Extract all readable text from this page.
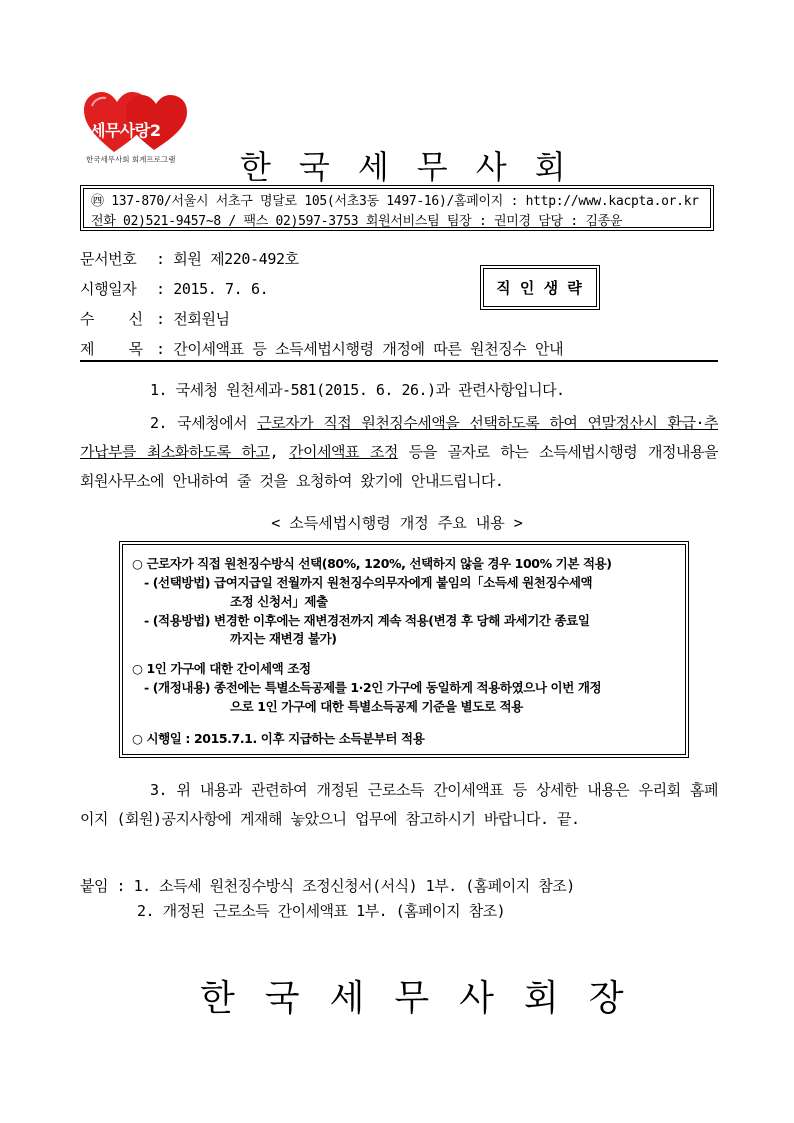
세무사랑2
한국세무사회 회계프로그램 한 국 세 무 사 회
㊃ 137-870/서울시 서초구 명달로 105(서초3동 1497-16)/홈페이지 : http://www.kacpta.or.kr
전화 02)521-9457~8 / 팩스 02)597-3753 회원서비스팀 팀장 : 권미경 담당 : 김종윤
문서번호 : 회원 제220-492호
시행일자 : 2015. 7. 6.
수    신 : 전회원님
제    목 : 간이세액표 등 소득세법시행령 개정에 따른 원천징수 안내
직 인 생 략
1. 국세청 원천세과-581(2015. 6. 26.)과 관련사항입니다.
2. 국세청에서 근로자가 직접 원천징수세액을 선택하도록 하여 연말정산시 환급·추가납부를 최소화하도록 하고, 간이세액표 조정 등을 골자로 하는 소득세법시행령 개정내용을 회원사무소에 안내하여 줄 것을 요청하여 왔기에 안내드립니다.
< 소득세법시행령 개정 주요 내용 >
○ 근로자가 직접 원천징수방식 선택(80%, 120%, 선택하지 않을 경우 100% 기본 적용)
- (선택방법) 급여지급일 전월까지 원천징수의무자에게 붙임의「소득세 원천징수세액
조정 신청서」제출
- (적용방법) 변경한 이후에는 재변경전까지 계속 적용(변경 후 당해 과세기간 종료일
까지는 재변경 불가)
○ 1인 가구에 대한 간이세액 조정
- (개정내용) 종전에는 특별소득공제를 1·2인 가구에 동일하게 적용하였으나 이번 개정
으로 1인 가구에 대한 특별소득공제 기준을 별도로 적용
○ 시행일 : 2015.7.1. 이후 지급하는 소득분부터 적용
3. 위 내용과 관련하여 개정된 근로소득 간이세액표 등 상세한 내용은 우리회 홈페이지 (회원)공지사항에 게재해 놓았으니 업무에 참고하시기 바랍니다. 끝.
붙임 : 1. 소득세 원천징수방식 조정신청서(서식) 1부. (홈페이지 참조)
2. 개정된 근로소득 간이세액표 1부. (홈페이지 참조)
한 국 세 무 사 회 장
